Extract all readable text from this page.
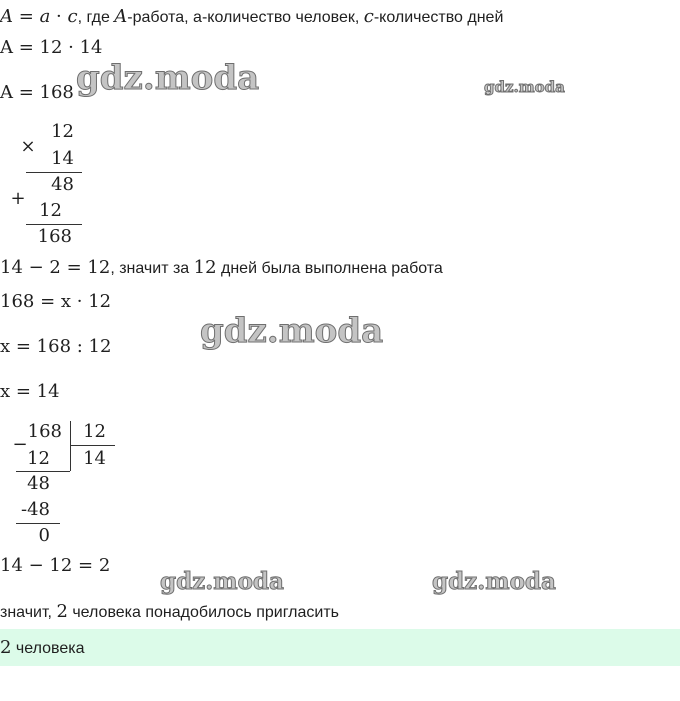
A = a · c, где A-работа, а-количество человек, c-количество дней
A = 12 · 14
A = 168
×
12
14
48
+
12
168
14 − 2 = 12, значит за 12 дней была выполнена работа
168 = x · 12
x = 168 : 12
x = 14
−
168	12
12	14
48
-48
0
14 − 12 = 2
значит, 2 человека понадобилось пригласить
2 человека
gdz.moda	gdz.moda
gdz.moda
gdz.moda	gdz.moda
